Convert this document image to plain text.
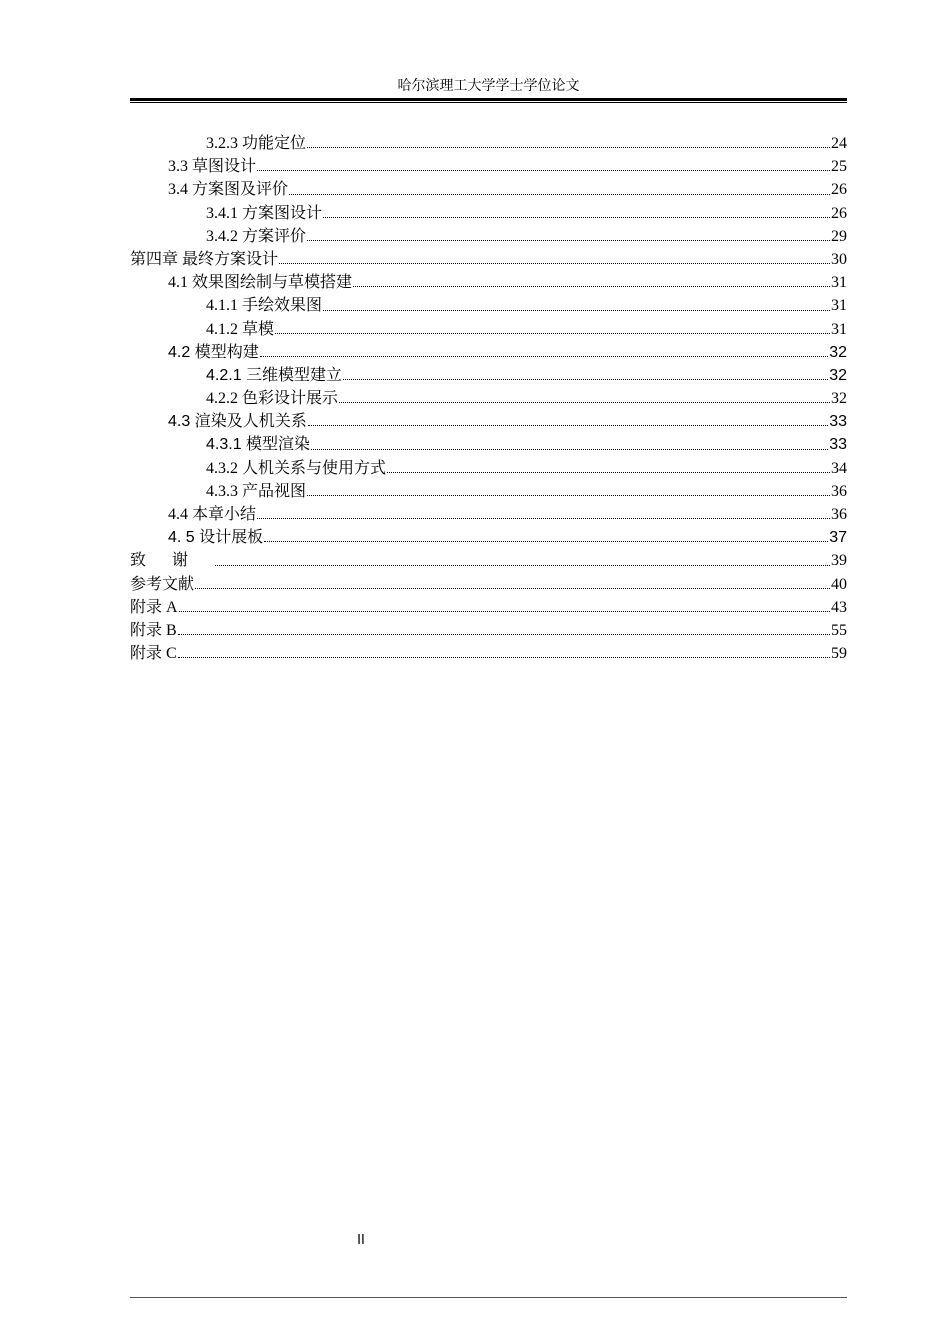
哈尔滨理工大学学士学位论文
3.2.3 功能定位	24
3.3 草图设计	25
3.4 方案图及评价	26
3.4.1 方案图设计	26
3.4.2 方案评价	29
第四章 最终方案设计	30
4.1 效果图绘制与草模搭建	31
4.1.1 手绘效果图	31
4.1.2 草模	31
4.2 模型构建	32
4.2.1 三维模型建立	32
4.2.2 色彩设计展示	32
4.3 渲染及人机关系	33
4.3.1 模型渲染	33
4.3.2 人机关系与使用方式	34
4.3.3 产品视图	36
4.4 本章小结	36
4. 5 设计展板	37
致谢	39
参考文献	40
附录 A	43
附录 B	55
附录 C	59
II
